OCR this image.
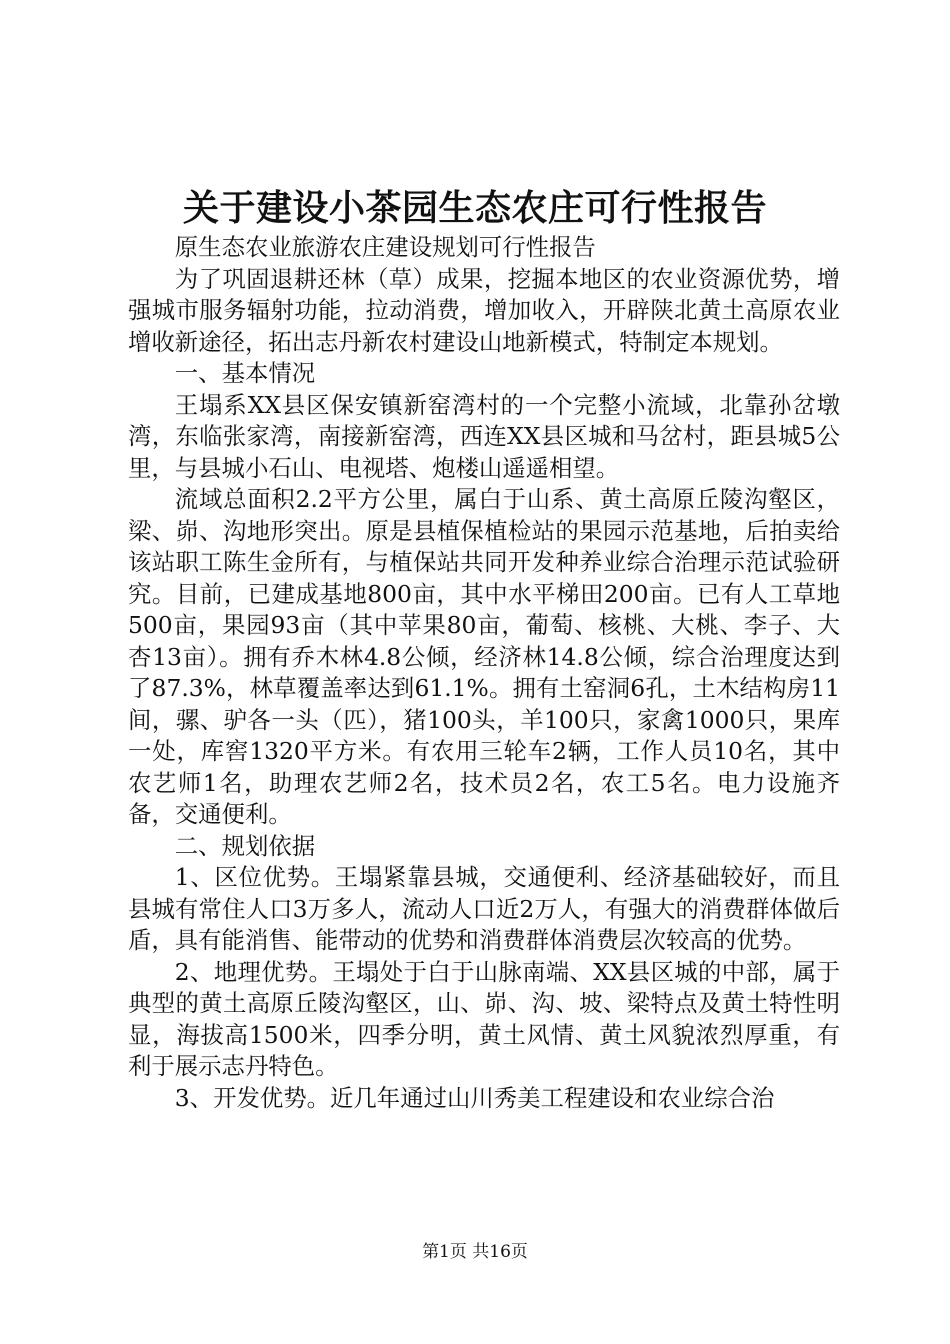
关于建设小茶园生态农庄可行性报告

原生态农业旅游农庄建设规划可行性报告

为了巩固退耕还林（草）成果，挖掘本地区的农业资源优势，增强城市服务辐射功能，拉动消费，增加收入，开辟陕北黄土高原农业增收新途径，拓出志丹新农村建设山地新模式，特制定本规划。

一、基本情况

王塌系XX县区保安镇新窑湾村的一个完整小流域，北靠孙岔墩湾，东临张家湾，南接新窑湾，西连XX县区城和马岔村，距县城5公里，与县城小石山、电视塔、炮楼山遥遥相望。

流域总面积2.2平方公里，属白于山系、黄土高原丘陵沟壑区，梁、峁、沟地形突出。原是县植保植检站的果园示范基地，后拍卖给该站职工陈生金所有，与植保站共同开发种养业综合治理示范试验研究。目前，已建成基地800亩，其中水平梯田200亩。已有人工草地500亩，果园93亩（其中苹果80亩，葡萄、核桃、大桃、李子、大杏13亩）。拥有乔木林4.8公倾，经济林14.8公倾，综合治理度达到了87.3%，林草覆盖率达到61.1%。拥有土窑洞6孔，土木结构房11间，骡、驴各一头（匹），猪100头，羊100只，家禽1000只，果库一处，库窖1320平方米。有农用三轮车2辆，工作人员10名，其中农艺师1名，助理农艺师2名，技术员2名，农工5名。电力设施齐备，交通便利。

二、规划依据

1、区位优势。王塌紧靠县城，交通便利、经济基础较好，而且县城有常住人口3万多人，流动人口近2万人，有强大的消费群体做后盾，具有能消售、能带动的优势和消费群体消费层次较高的优势。

2、地理优势。王塌处于白于山脉南端、XX县区城的中部，属于典型的黄土高原丘陵沟壑区，山、峁、沟、坡、梁特点及黄土特性明显，海拔高1500米，四季分明，黄土风情、黄土风貌浓烈厚重，有利于展示志丹特色。

3、开发优势。近几年通过山川秀美工程建设和农业综合治

第1页 共16页
